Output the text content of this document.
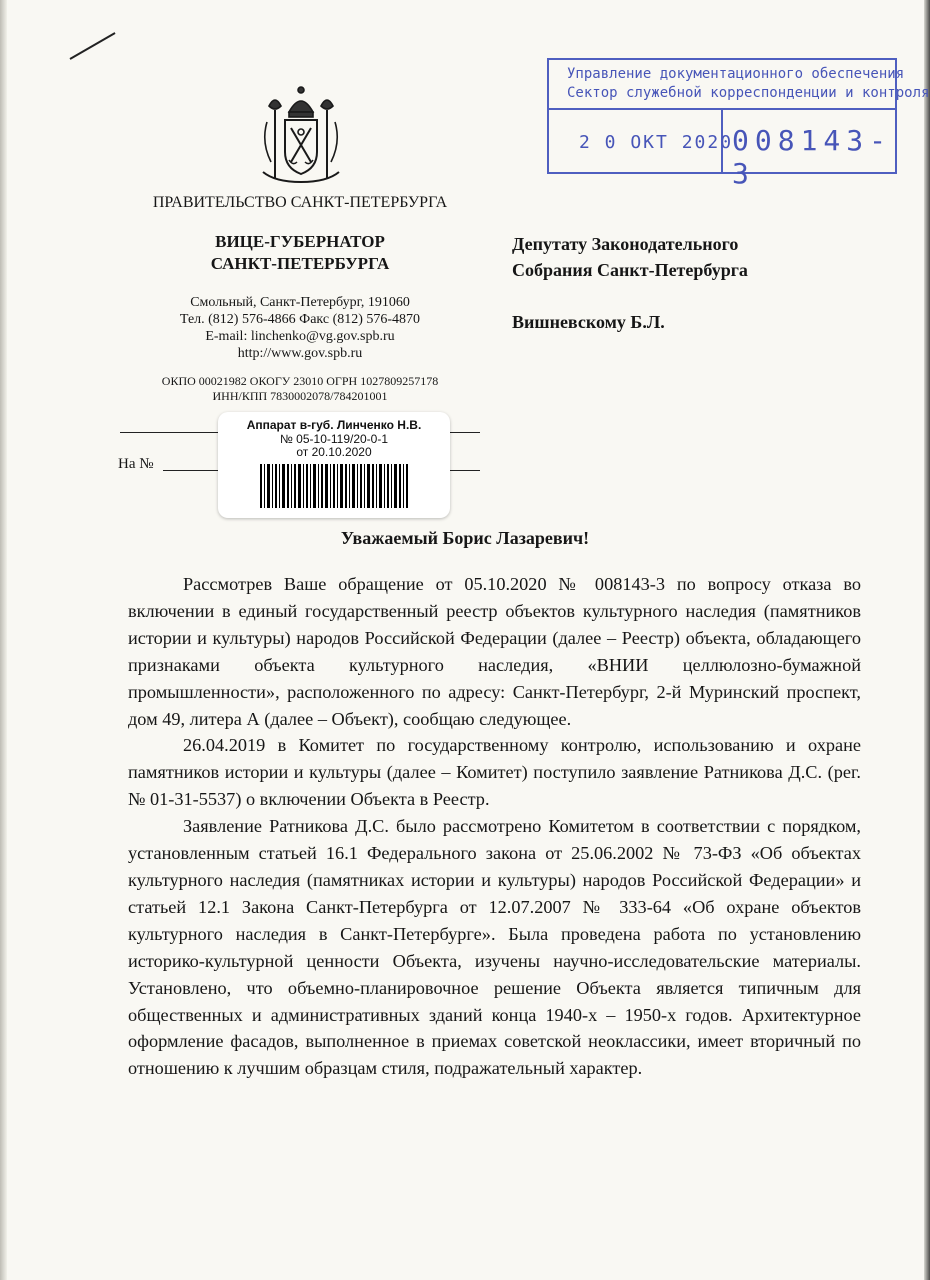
Управление документационного обеспечения
Сектор служебной корреспонденции и контроля
2 0 ОКТ 2020
008143-3
ПРАВИТЕЛЬСТВО САНКТ-ПЕТЕРБУРГА
ВИЦЕ-ГУБЕРНАТОР
САНКТ-ПЕТЕРБУРГА
Смольный, Санкт-Петербург, 191060
Тел. (812) 576-4866 Факс (812) 576-4870
E-mail: linchenko@vg.gov.spb.ru
http://www.gov.spb.ru
ОКПО 00021982 ОКОГУ 23010 ОГРН 1027809257178
ИНН/КПП 7830002078/784201001
На №
Аппарат в-губ. Линченко Н.В.
№ 05-10-119/20-0-1
от 20.10.2020
Депутату Законодательного
Собрания Санкт-Петербурга
Вишневскому Б.Л.
Уважаемый Борис Лазаревич!

Рассмотрев Ваше обращение от 05.10.2020 № 008143-3 по вопросу отказа во включении в единый государственный реестр объектов культурного наследия (памятников истории и культуры) народов Российской Федерации (далее – Реестр) объекта, обладающего признаками объекта культурного наследия, «ВНИИ целлюлозно-бумажной промышленности», расположенного по адресу: Санкт-Петербург, 2-й Муринский проспект, дом 49, литера А (далее – Объект), сообщаю следующее.

26.04.2019 в Комитет по государственному контролю, использованию и охране памятников истории и культуры (далее – Комитет) поступило заявление Ратникова Д.С. (рег. № 01-31-5537) о включении Объекта в Реестр.

Заявление Ратникова Д.С. было рассмотрено Комитетом в соответствии с порядком, установленным статьей 16.1 Федерального закона от 25.06.2002 № 73-ФЗ «Об объектах культурного наследия (памятниках истории и культуры) народов Российской Федерации» и статьей 12.1 Закона Санкт-Петербурга от 12.07.2007 № 333-64 «Об охране объектов культурного наследия в Санкт-Петербурге». Была проведена работа по установлению историко-культурной ценности Объекта, изучены научно-исследовательские материалы. Установлено, что объемно-планировочное решение Объекта является типичным для общественных и административных зданий конца 1940-х – 1950-х годов. Архитектурное оформление фасадов, выполненное в приемах советской неоклассики, имеет вторичный по отношению к лучшим образцам стиля, подражательный характер.
